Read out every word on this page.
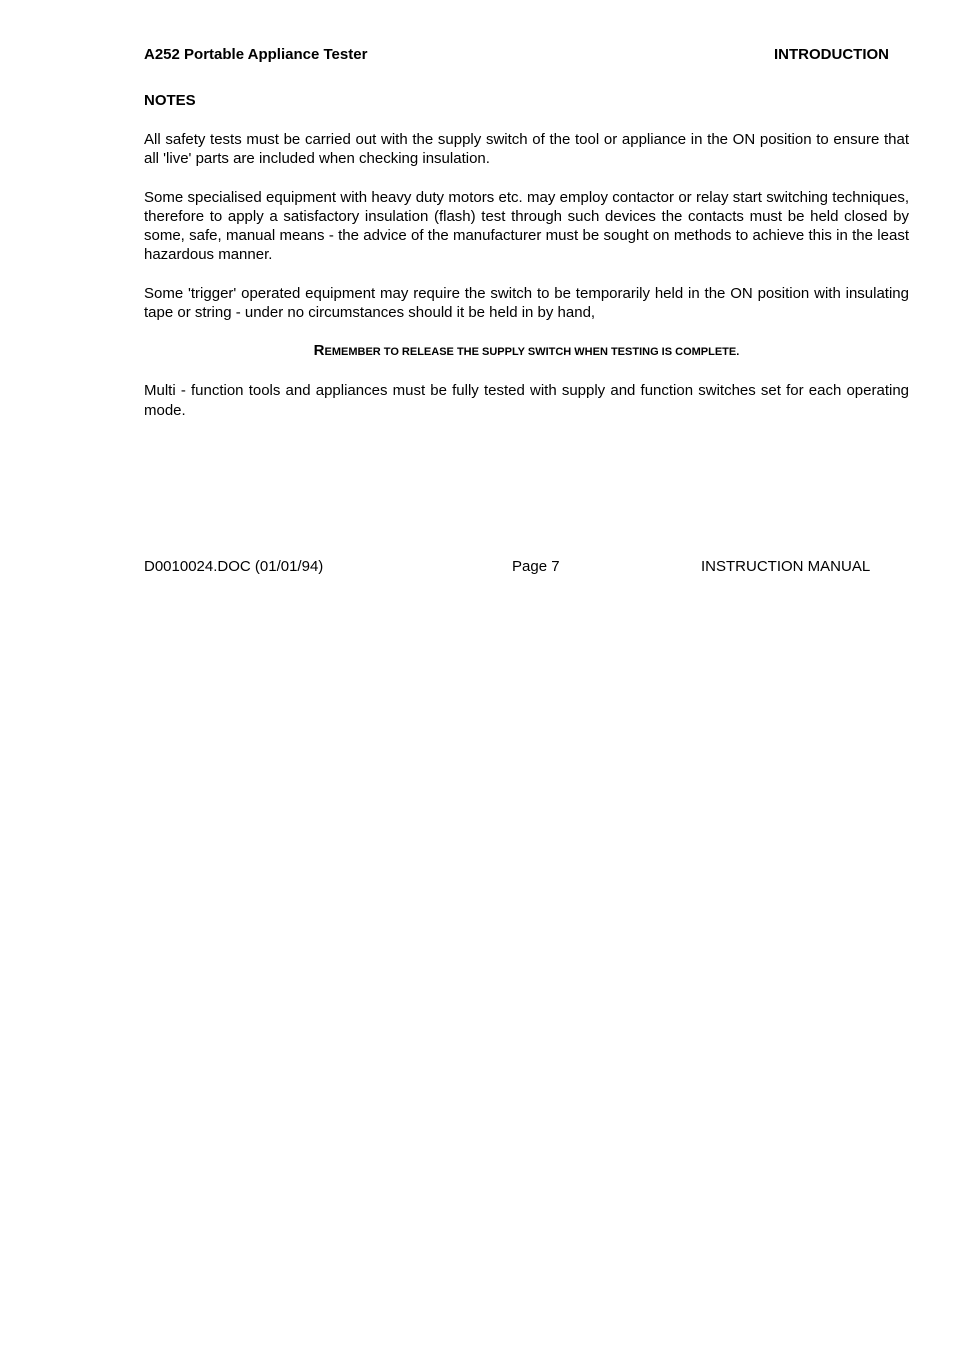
A252 Portable Appliance Tester	INTRODUCTION
NOTES

All safety tests must be carried out with the supply switch of the tool or appliance in the ON position to ensure that all 'live' parts are included when checking insulation.

Some specialised equipment with heavy duty motors etc. may employ contactor or relay start switching techniques, therefore to apply a satisfactory insulation (flash) test through such devices the contacts must be held closed by some, safe, manual means - the advice of the manufacturer must be sought on methods to achieve this in the least hazardous manner.

Some 'trigger' operated equipment may require the switch to be temporarily held in the ON position with insulating tape or string - under no circumstances should it be held in by hand,

REMEMBER TO RELEASE THE SUPPLY SWITCH WHEN TESTING IS COMPLETE.

Multi - function tools and appliances must be fully tested with supply and function switches set for each operating mode.

D0010024.DOC (01/01/94)	Page 7	INSTRUCTION MANUAL
